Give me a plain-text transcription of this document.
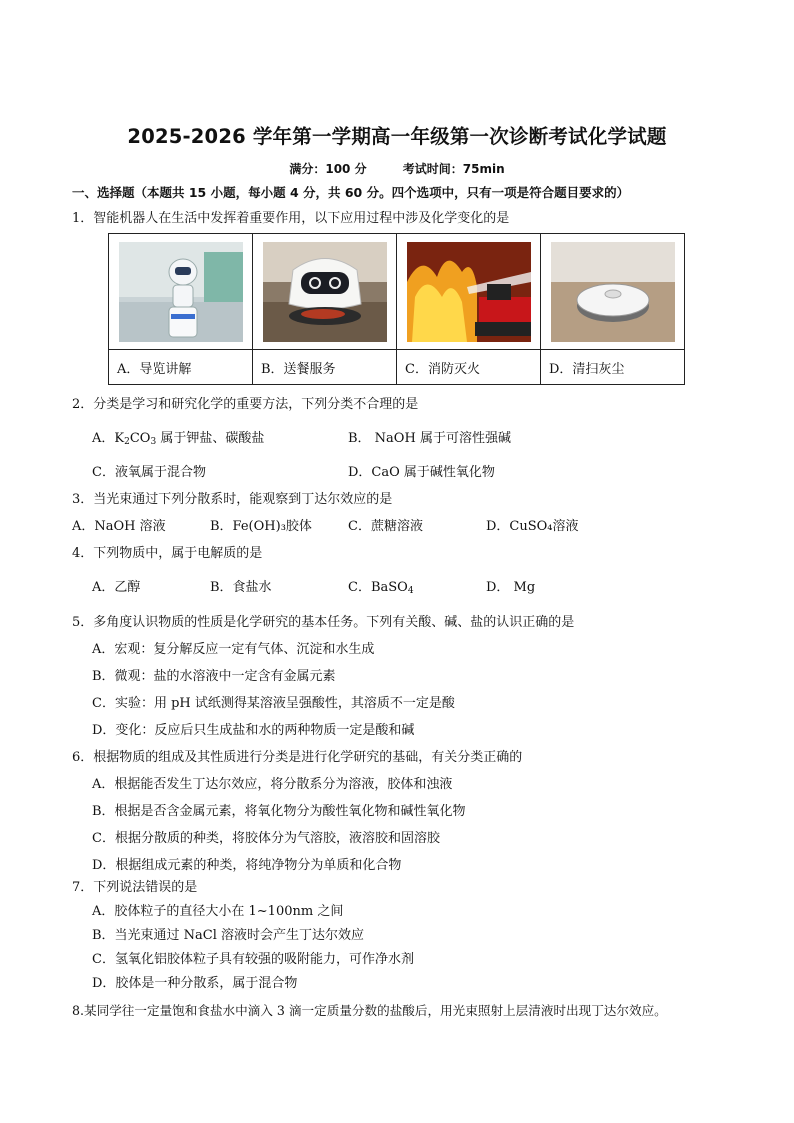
2025-2026 学年第一学期高一年级第一次诊断考试化学试题
满分：100 分	考试时间：75min
一、选择题（本题共 15 小题，每小题 4 分，共 60 分。四个选项中，只有一项是符合题目要求的）
1．智能机器人在生活中发挥着重要作用，以下应用过程中涉及化学变化的是

A．导览讲解	B．送餐服务	C．消防灭火	D．清扫灰尘
2．分类是学习和研究化学的重要方法，下列分类不合理的是
A．$K_2CO_3$ 属于钾盐、碳酸盐	B． NaOH 属于可溶性强碱
C．液氧属于混合物	D．CaO 属于碱性氧化物
3．当光束通过下列分散系时，能观察到丁达尔效应的是
A．NaOH 溶液	B．Fe(OH)₃胶体	C．蔗糖溶液	D．CuSO₄溶液
4．下列物质中，属于电解质的是
A．乙醇	B．食盐水	C．BaSO$_4$	D． Mg
5．多角度认识物质的性质是化学研究的基本任务。下列有关酸、碱、盐的认识正确的是
A．宏观：复分解反应一定有气体、沉淀和水生成
B．微观：盐的水溶液中一定含有金属元素
C．实验：用 pH 试纸测得某溶液呈强酸性，其溶质不一定是酸
D．变化：反应后只生成盐和水的两种物质一定是酸和碱
6．根据物质的组成及其性质进行分类是进行化学研究的基础，有关分类正确的
A．根据能否发生丁达尔效应，将分散系分为溶液，胶体和浊液
B．根据是否含金属元素，将氧化物分为酸性氧化物和碱性氧化物
C．根据分散质的种类，将胶体分为气溶胶，液溶胶和固溶胶
D．根据组成元素的种类，将纯净物分为单质和化合物
7．下列说法错误的是
A．胶体粒子的直径大小在 1~100nm 之间
B．当光束通过 NaCl 溶液时会产生丁达尔效应
C．氢氧化铝胶体粒子具有较强的吸附能力，可作净水剂
D．胶体是一种分散系，属于混合物
8.某同学往一定量饱和食盐水中滴入 3 滴一定质量分数的盐酸后，用光束照射上层清液时出现丁达尔效应。
